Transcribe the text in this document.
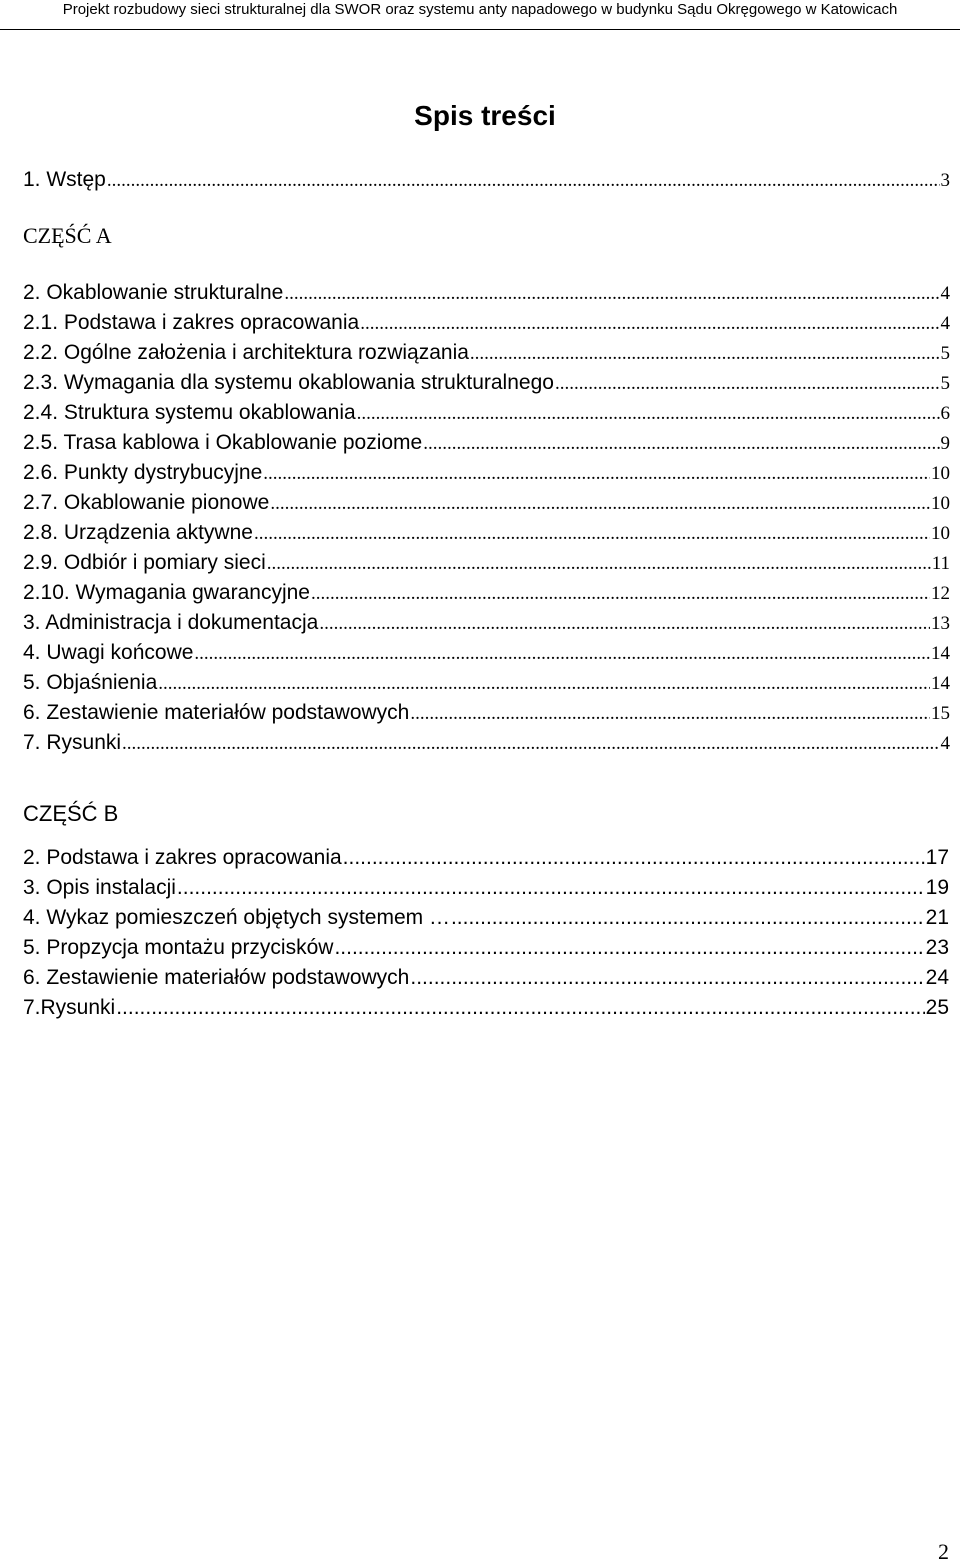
Projekt rozbudowy sieci strukturalnej dla SWOR oraz systemu anty napadowego w budynku Sądu Okręgowego w Katowicach
Spis treści
1. Wstęp .....	3
CZĘŚĆ A
2. Okablowanie strukturalne .....	4
2.1. Podstawa i zakres opracowania .....	4
2.2. Ogólne założenia i architektura rozwiązania .....	5
2.3. Wymagania dla systemu okablowania strukturalnego .....	5
2.4. Struktura systemu okablowania .....	6
2.5. Trasa kablowa i Okablowanie poziome .....	9
2.6. Punkty dystrybucyjne .....	10
2.7. Okablowanie pionowe .....	10
2.8. Urządzenia aktywne .....	10
2.9. Odbiór i pomiary sieci .....	11
2.10. Wymagania gwarancyjne .....	12
3. Administracja i dokumentacja .....	13
4. Uwagi końcowe .....	14
5. Objaśnienia .....	14
6. Zestawienie materiałów podstawowych .....	15
7. Rysunki .....	4
CZĘŚĆ B
2. Podstawa i zakres opracowania .....	17
3. Opis instalacji .....	19
4. Wykaz pomieszczeń objętych systemem … .....	21
5. Propzycja montażu przycisków .....	23
6. Zestawienie materiałów podstawowych .....	24
7.Rysunki .....	25
2
